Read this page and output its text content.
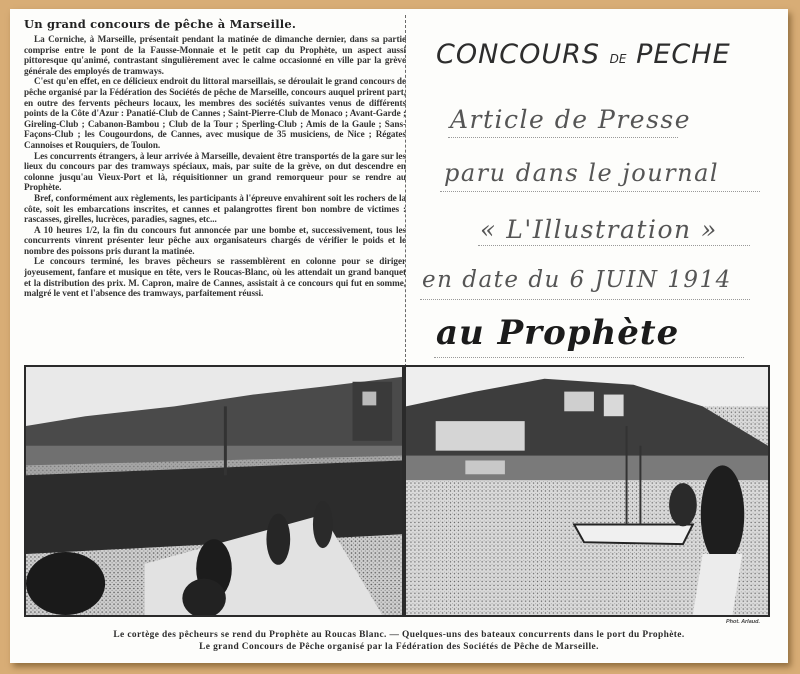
Un grand concours de pêche à Marseille.

La Corniche, à Marseille, présentait pendant la matinée de dimanche dernier, dans sa partie comprise entre le pont de la Fausse-Monnaie et le petit cap du Prophète, un aspect aussi pittoresque qu'animé, contrastant singulièrement avec le calme occasionné en ville par la grève générale des employés de tramways.

C'est qu'en effet, en ce délicieux endroit du littoral marseillais, se déroulait le grand concours de pêche organisé par la Fédération des Sociétés de pêche de Marseille, concours auquel prirent part, en outre des fervents pêcheurs locaux, les membres des sociétés suivantes venus de différents points de la Côte d'Azur : Panatié-Club de Cannes ; Saint-Pierre-Club de Monaco ; Avant-Garde ; Gireling-Club ; Cabanon-Bambou ; Club de la Tour ; Sperling-Club ; Amis de la Gaule ; Sans-Façons-Club ; les Cougourdons, de Cannes, avec musique de 35 musiciens, de Nice ; Régates Cannoises et Rouquiers, de Toulon.

Les concurrents étrangers, à leur arrivée à Marseille, devaient être transportés de la gare sur les lieux du concours par des tramways spéciaux, mais, par suite de la grève, on dut descendre en colonne jusqu'au Vieux-Port et là, réquisitionner un grand remorqueur pour se rendre au Prophète.

Bref, conformément aux règlements, les participants à l'épreuve envahirent soit les rochers de la côte, soit les embarcations inscrites, et cannes et palangrottes firent bon nombre de victimes : rascasses, girelles, lucrèces, paradies, sagnes, etc...

A 10 heures 1/2, la fin du concours fut annoncée par une bombe et, successivement, tous les concurrents vinrent présenter leur pêche aux organisateurs chargés de vérifier le poids et le nombre des poissons pris durant la matinée.

Le concours terminé, les braves pêcheurs se rassemblèrent en colonne pour se diriger joyeusement, fanfare et musique en tête, vers le Roucas-Blanc, où les attendait un grand banquet et la distribution des prix. M. Capron, maire de Cannes, assistait à ce concours qui fut en somme, malgré le vent et l'absence des tramways, parfaitement réussi.

CONCOURS DE PECHE
Article de Presse
paru dans le journal
« L'Illustration »
en date du 6 JUIN 1914
au Prophète
Phot. Arlaud.
Le cortège des pêcheurs se rend du Prophète au Roucas Blanc. — Quelques-uns des bateaux concurrents dans le port du Prophète.
Le grand Concours de Pêche organisé par la Fédération des Sociétés de Pêche de Marseille.
